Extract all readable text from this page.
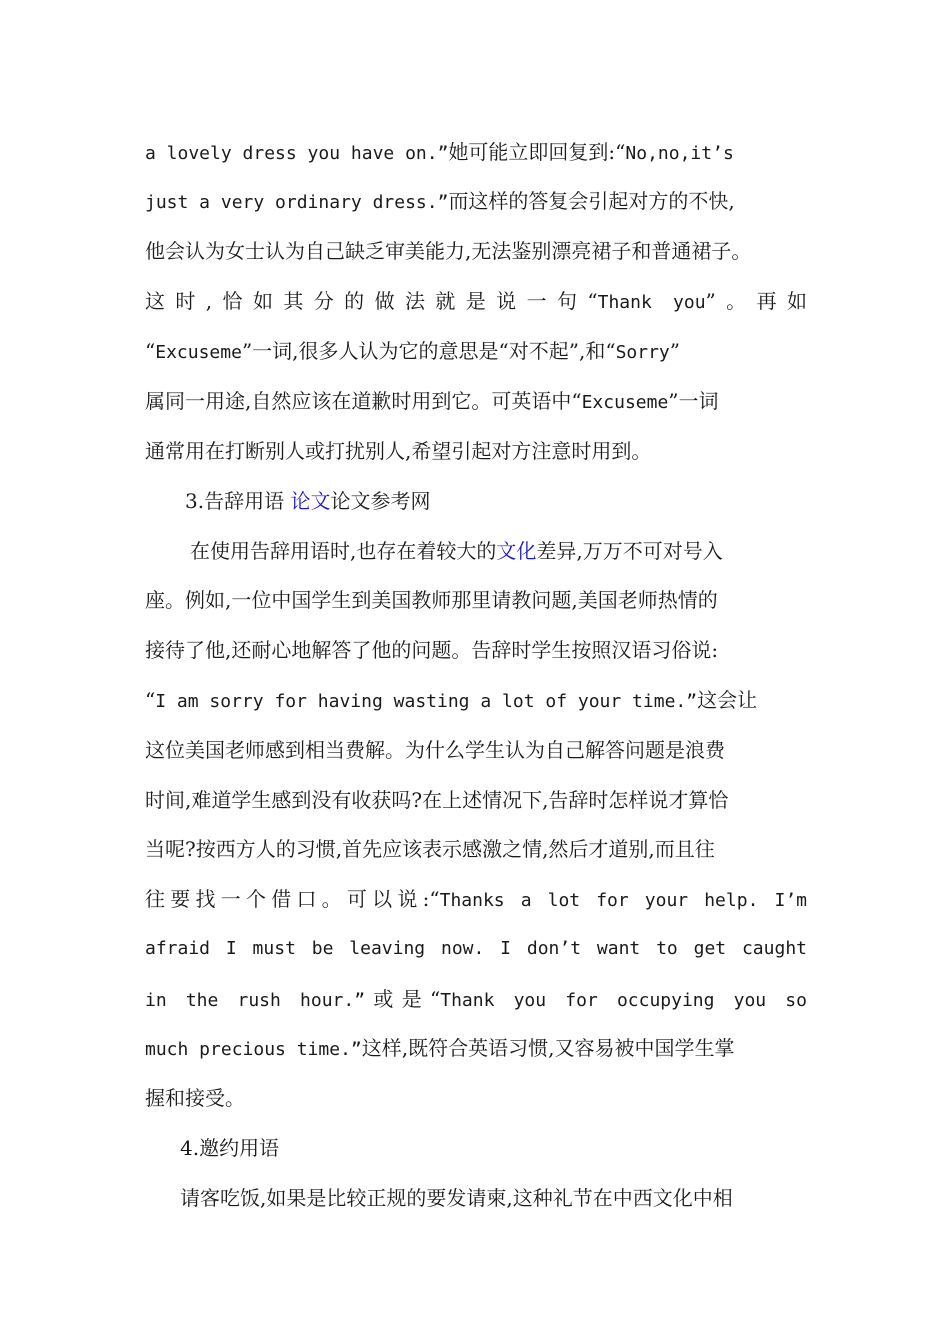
a lovely dress you have on.”她可能立即回复到:“No,no,it’s
just a very ordinary dress.”而这样的答复会引起对方的不快,
他会认为女士认为自己缺乏审美能力,无法鉴别漂亮裙子和普通裙子。
这时,恰如其分的做法就是说一句“Thank you”。再如
“Excuseme”一词,很多人认为它的意思是“对不起”,和“Sorry”
属同一用途,自然应该在道歉时用到它。可英语中“Excuseme”一词
通常用在打断别人或打扰别人,希望引起对方注意时用到。
3.告辞用语 论文论文参考网
在使用告辞用语时,也存在着较大的文化差异,万万不可对号入
座。例如,一位中国学生到美国教师那里请教问题,美国老师热情的
接待了他,还耐心地解答了他的问题。告辞时学生按照汉语习俗说:
“I am sorry for having wasting a lot of your time.”这会让
这位美国老师感到相当费解。为什么学生认为自己解答问题是浪费
时间,难道学生感到没有收获吗?在上述情况下,告辞时怎样说才算恰
当呢?按西方人的习惯,首先应该表示感激之情,然后才道别,而且往
往要找一个借口。可以说:“Thanks a lot for your help. I’m
afraid I must be leaving now. I don’t want to get caught
in the rush hour.”或是“Thank you for occupying you so
much precious time.”这样,既符合英语习惯,又容易被中国学生掌
握和接受。
4.邀约用语
请客吃饭,如果是比较正规的要发请柬,这种礼节在中西文化中相
